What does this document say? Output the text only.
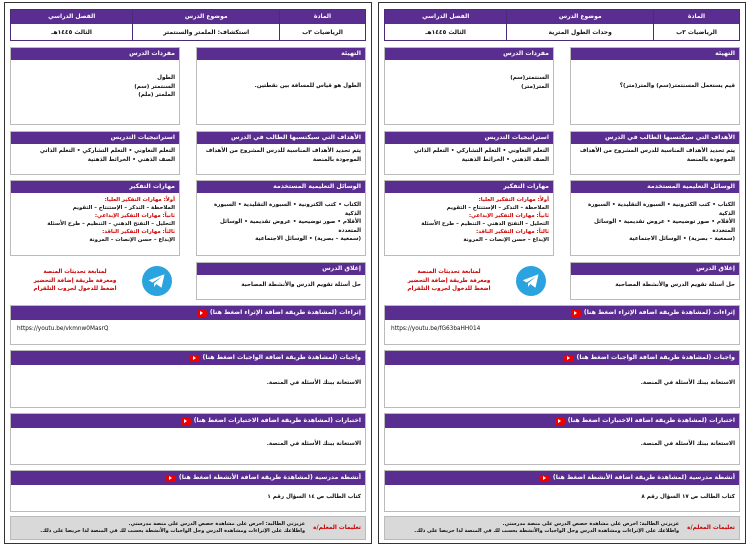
المادة
الرياضيات ٣ب
موضوع الدرس
وحدات الطول المترية
الفصل الدراسي
الثالث ١٤٤٥هـ
التهيئة
قيم يستعمل المسنتمتر(سم) والمتر(متر)؟
مفردات الدرس
السنتمتر(سم)
المتر(متر)
الأهداف التي سيكتسبها الطالب في الدرس
يتم تحديد الأهداف المناسبة للدرس المشروح من الأهداف الموجودة بالمنصة
استراتيجيات التدريس
التعلم التعاوني • التعلم التشاركي • التعلم الذاتي
الصف الذهني • الخرائط الذهنية
الوسائل التعليمية المستخدمة
الكتاب • كتب الكترونية • السبورة التقليدية • السبورة الذكية
الأقلام • صور توضيحية • عروض تقديمية • الوسائل المتعددة
(سمعية – بصرية) • الوسائل الاجتماعية
مهارات التفكير
أولاً: مهارات التفكير العليا:
الملاحظة – التذكر – الإستنتاج – التقويم
ثانياً: مهارات التفكير الإبداعي:
التحليل – التفتح الذهني – التنظيم – طرح الأسئلة
ثالثاً: مهارات التفكير الناقد:
الإبداع – حسن الإنصات – المرونة
إغلاق الدرس
حل أسئلة تقويم الدرس والأنشطة المصاحبة
لمتابعة تحديثات المنصة
ومعرفة طريقة إضافة التحضير
اضغط للدخول لجروب التلقرام
إثراءات (لمشاهدة طريقة اضافة الإثراء اضغط هنا)
https://youtu.be/fG63baHH014
واجبات (لمشاهدة طريقة اضافة الواجبات اضغط هنا)
الاستعانة ببنك الأسئلة في المنصة.
اختبارات (لمشاهدة طريقة اضافة الاختبارات اضغط هنا)
الاستعانة ببنك الأسئلة في المنصة.
أنشطة مدرسية (لمشاهدة طريقة اضافة الأنشطة اضغط هنا)
كتاب الطالب ص ١٧ السؤال رقم ٨
تعليمات المعلم/ة
عزيزتي الطالبة: احرص على مشاهدة حصص الدرس على منصة مدرستي.
واطلاعك على الإثراءات ومشاهدة الدرس وحل الواجبات والأنشطة يحسب لك في المنصة لذا حريصا على ذلك.
المادة
الرياضيات ٣ب
موضوع الدرس
استكشاف: الملمتر والسنتمتر
الفصل الدراسي
الثالث ١٤٤٥هـ
التهيئة
الطول هو قياس للمسافة بين نقطتين.
مفردات الدرس
الطول
السنتمتر (سم)
الملمتر (ملم)
الأهداف التي سيكتسبها الطالب في الدرس
يتم تحديد الأهداف المناسبة للدرس المشروح من الأهداف الموجودة بالمنصة
استراتيجيات التدريس
التعلم التعاوني • التعلم التشاركي • التعلم الذاتي
الصف الذهني • الخرائط الذهنية
الوسائل التعليمية المستخدمة
الكتاب • كتب الكترونية • السبورة التقليدية • السبورة الذكية
الأقلام • صور توضيحية • عروض تقديمية • الوسائل المتعددة
(سمعية – بصرية) • الوسائل الاجتماعية
مهارات التفكير
أولاً: مهارات التفكير العليا:
الملاحظة – التذكر – الإستنتاج – التقويم
ثانياً: مهارات التفكير الإبداعي:
التحليل – التفتح الذهني – التنظيم – طرح الأسئلة
ثالثاً: مهارات التفكير الناقد:
الإبداع – حسن الإنصات – المرونة
إغلاق الدرس
حل أسئلة تقويم الدرس والأنشطة المصاحبة
لمتابعة تحديثات المنصة
ومعرفة طريقة إضافة التحضير
اضغط للدخول لجروب التلقرام
إثراءات (لمشاهدة طريقة اضافة الإثراء اضغط هنا)
https://youtu.be/vkmnw0MasrQ
واجبات (لمشاهدة طريقة اضافة الواجبات اضغط هنا)
الاستعانة ببنك الأسئلة في المنصة.
اختبارات (لمشاهدة طريقة اضافة الاختبارات اضغط هنا)
الاستعانة ببنك الأسئلة في المنصة.
أنشطة مدرسية (لمشاهدة طريقة اضافة الأنشطة اضغط هنا)
كتاب الطالب ص ١٤ السؤال رقم ١
تعليمات المعلم/ة
عزيزتي الطالبة: احرص على مشاهدة حصص الدرس على منصة مدرستي.
واطلاعك على الإثراءات ومشاهدة الدرس وحل الواجبات والأنشطة يحسب لك في المنصة لذا حريصا على ذلك.
